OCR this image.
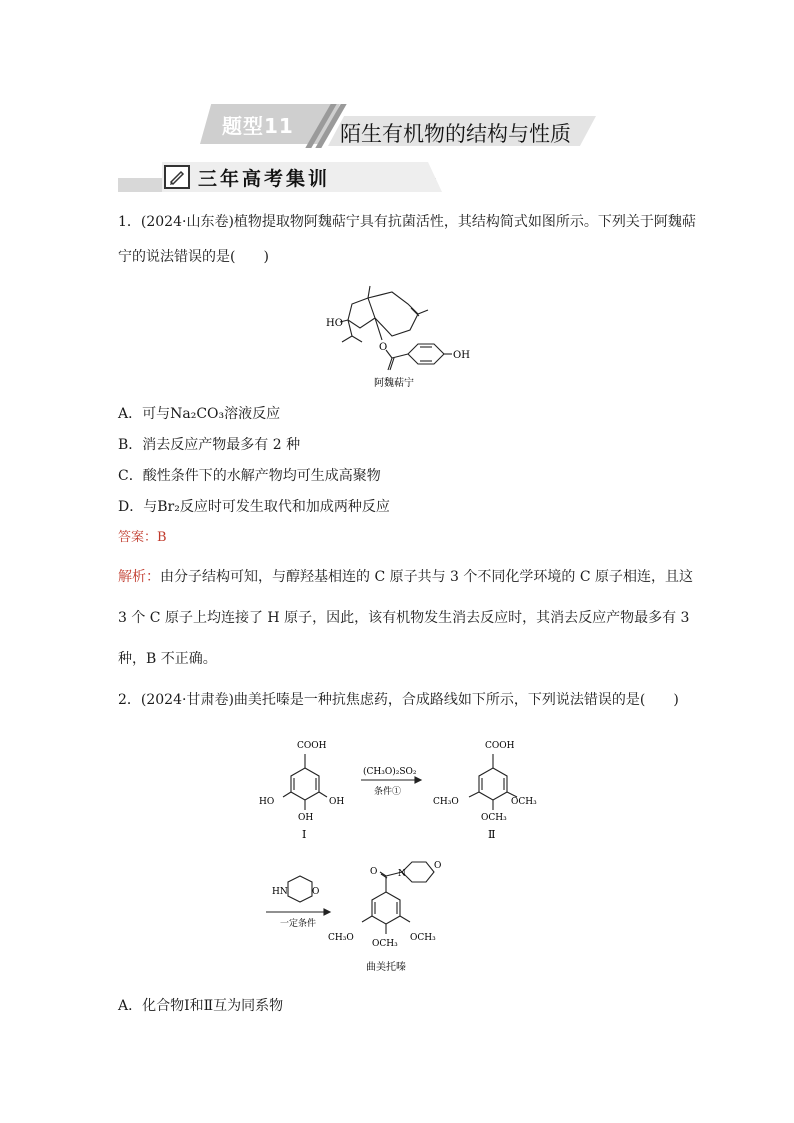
题型11 陌生有机物的结构与性质
三年高考集训
1．(2024·山东卷)植物提取物阿魏萜宁具有抗菌活性，其结构简式如图所示。下列关于阿魏萜
宁的说法错误的是(　　)
HO
O
OH
阿魏萜宁
A．可与Na₂CO₃溶液反应
B．消去反应产物最多有 2 种
C．酸性条件下的水解产物均可生成高聚物
D．与Br₂反应时可发生取代和加成两种反应
答案：B
解析：由分子结构可知，与醇羟基相连的 C 原子共与 3 个不同化学环境的 C 原子相连，且这
3 个 C 原子上均连接了 H 原子，因此，该有机物发生消去反应时，其消去反应产物最多有 3
种，B 不正确。
2．(2024·甘肃卷)曲美托嗪是一种抗焦虑药，合成路线如下所示，下列说法错误的是(　　)
COOH
HO	OH
OH
Ⅰ
(CH₃O)₂SO₂
条件①
COOH
CH₃O	OCH₃
OCH₃
Ⅱ
HN	O
一定条件
O N
O
CH₃O	OCH₃
OCH₃
曲美托嗪
A．化合物Ⅰ和Ⅱ互为同系物
